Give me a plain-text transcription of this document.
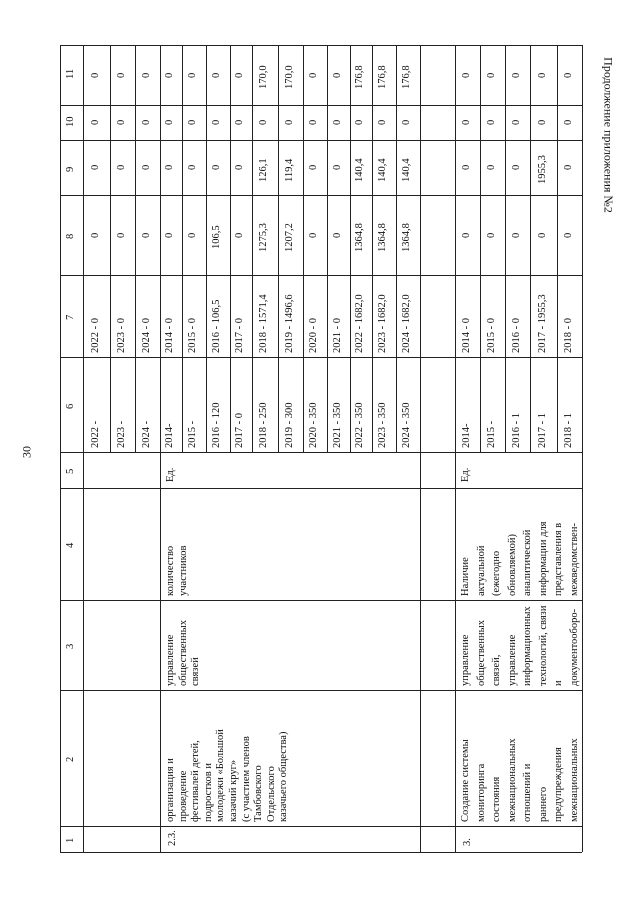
30
Продолжение приложения №2
1
2
3
4
5
6
7
8
9
10
11
2022 -
2022 - 0
0
0
0
0
2023 -
2023 - 0
0
0
0
0
2024 -
2024 - 0
0
0
0
0
2.3.
организация и проведение фестивалей детей, подростков и молодежи «Большой казачий круг» (с участием членов Тамбовского Отдельского казачьего общества)
управление общественных связей
количество участников
Ед.
2014-
2014 - 0
0
0
0
0
2015 -
2015 - 0
0
0
0
0
2016 - 120
2016 - 106,5
106,5
0
0
0
2017 - 0
2017 - 0
0
0
0
0
2018 - 250
2018 - 1571,4
1275,3
126,1
0
170,0
2019 - 300
2019 - 1496,6
1207,2
119,4
0
170,0
2020 - 350
2020 - 0
0
0
0
0
2021 - 350
2021 - 0
0
0
0
0
2022 - 350
2022 - 1682,0
1364,8
140,4
0
176,8
2023 - 350
2023 - 1682,0
1364,8
140,4
0
176,8
2024 - 350
2024 - 1682,0
1364,8
140,4
0
176,8
3.
Создание системы мониторинга состояния межнациональных отношений и раннего предупреждения межнациональных
управление общественных связей, управление информационных технологий, связи и документооборо-
Наличие актуальной (ежегодно обновляемой) аналитической информации для представления в межведомствен-
Ед.
2014-
2014 - 0
0
0
0
0
2015 -
2015 - 0
0
0
0
0
2016 - 1
2016 - 0
0
0
0
0
2017 - 1
2017 - 1955,3
0
1955,3
0
0
2018 - 1
2018 - 0
0
0
0
0
